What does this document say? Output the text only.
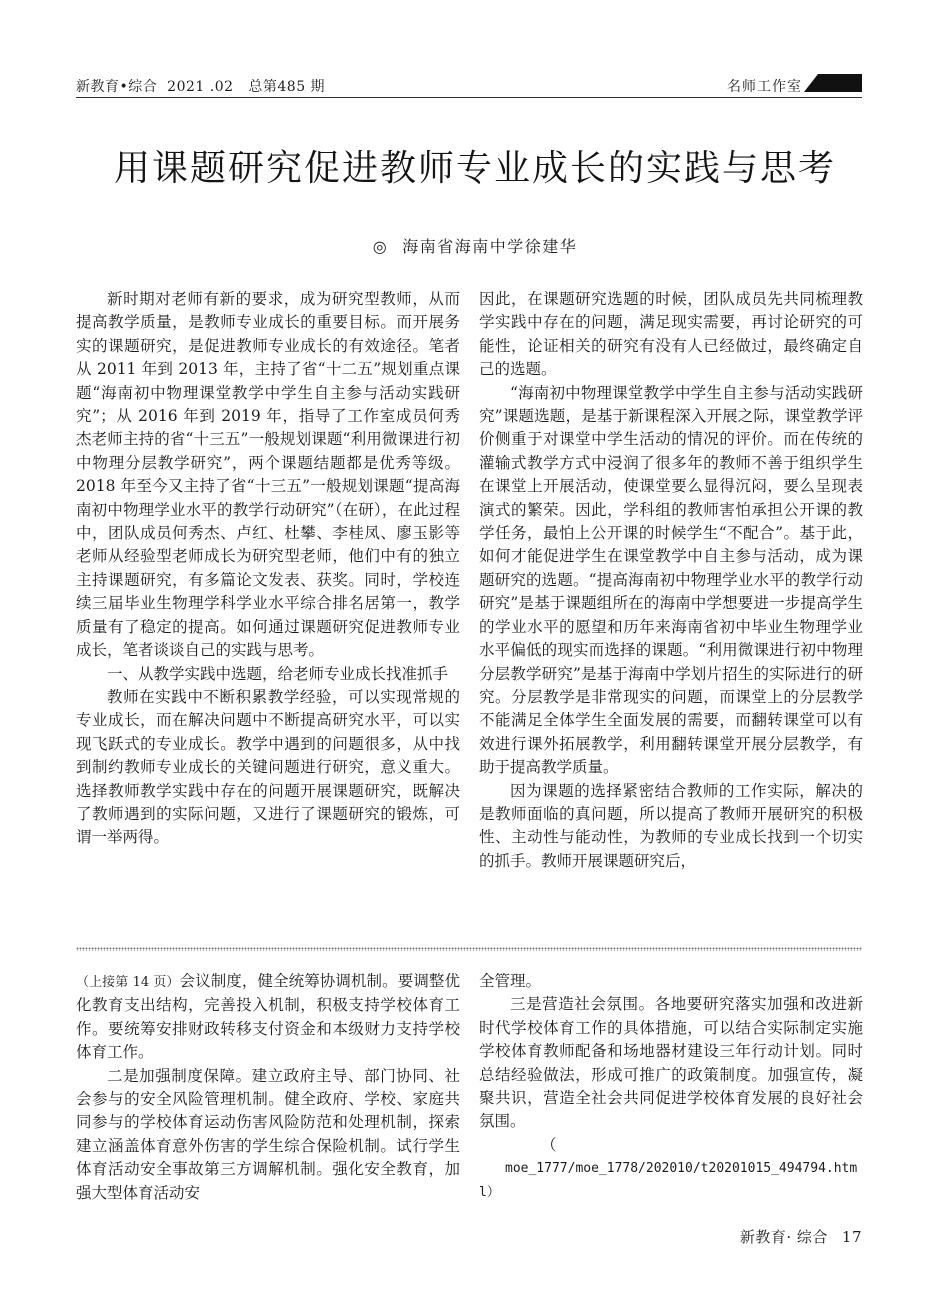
新教育•综合 2021 .02 总第485 期	名师工作室
用课题研究促进教师专业成长的实践与思考
◎ 海南省海南中学徐建华

新时期对老师有新的要求，成为研究型教师，从而提高教学质量，是教师专业成长的重要目标。而开展务实的课题研究，是促进教师专业成长的有效途径。笔者从 2011 年到 2013 年，主持了省“十二五”规划重点课题“海南初中物理课堂教学中学生自主参与活动实践研究”；从 2016 年到 2019 年，指导了工作室成员何秀杰老师主持的省“十三五”一般规划课题“利用微课进行初中物理分层教学研究”，两个课题结题都是优秀等级。2018 年至今又主持了省“十三五”一般规划课题“提高海南初中物理学业水平的教学行动研究”（在研），在此过程中，团队成员何秀杰、卢红、杜攀、李桂凤、廖玉影等老师从经验型老师成长为研究型老师，他们中有的独立主持课题研究，有多篇论文发表、获奖。同时，学校连续三届毕业生物理学科学业水平综合排名居第一，教学质量有了稳定的提高。如何通过课题研究促进教师专业成长，笔者谈谈自己的实践与思考。

一、从教学实践中选题，给老师专业成长找准抓手

教师在实践中不断积累教学经验，可以实现常规的专业成长，而在解决问题中不断提高研究水平，可以实现飞跃式的专业成长。教学中遇到的问题很多，从中找到制约教师专业成长的关键问题进行研究，意义重大。选择教师教学实践中存在的问题开展课题研究，既解决了教师遇到的实际问题，又进行了课题研究的锻炼，可谓一举两得。

因此，在课题研究选题的时候，团队成员先共同梳理教学实践中存在的问题，满足现实需要，再讨论研究的可能性，论证相关的研究有没有人已经做过，最终确定自己的选题。

“海南初中物理课堂教学中学生自主参与活动实践研究”课题选题，是基于新课程深入开展之际，课堂教学评价侧重于对课堂中学生活动的情况的评价。而在传统的灌输式教学方式中浸润了很多年的教师不善于组织学生在课堂上开展活动，使课堂要么显得沉闷，要么呈现表演式的繁荣。因此，学科组的教师害怕承担公开课的教学任务，最怕上公开课的时候学生“不配合”。基于此，如何才能促进学生在课堂教学中自主参与活动，成为课题研究的选题。“提高海南初中物理学业水平的教学行动研究”是基于课题组所在的海南中学想要进一步提高学生的学业水平的愿望和历年来海南省初中毕业生物理学业水平偏低的现实而选择的课题。“利用微课进行初中物理分层教学研究”是基于海南中学划片招生的实际进行的研究。分层教学是非常现实的问题，而课堂上的分层教学不能满足全体学生全面发展的需要，而翻转课堂可以有效进行课外拓展教学，利用翻转课堂开展分层教学，有助于提高教学质量。

因为课题的选择紧密结合教师的工作实际，解决的是教师面临的真问题，所以提高了教师开展研究的积极性、主动性与能动性，为教师的专业成长找到一个切实的抓手。教师开展课题研究后，

（上接第 14 页）会议制度，健全统筹协调机制。要调整优化教育支出结构，完善投入机制，积极支持学校体育工作。要统筹安排财政转移支付资金和本级财力支持学校体育工作。

二是加强制度保障。建立政府主导、部门协同、社会参与的安全风险管理机制。健全政府、学校、家庭共同参与的学校体育运动伤害风险防范和处理机制，探索建立涵盖体育意外伤害的学生综合保险机制。试行学生体育活动安全事故第三方调解机制。强化安全教育，加强大型体育活动安

全管理。

三是营造社会氛围。各地要研究落实加强和改进新时代学校体育工作的具体措施，可以结合实际制定实施学校体育教师配备和场地器材建设三年行动计划。同时总结经验做法，形成可推广的政策制度。加强宣传，凝聚共识，营造全社会共同促进学校体育发展的良好社会氛围。

（

moe_1777/moe_1778/202010/t20201015_494794.html）

新教育· 综合 17
